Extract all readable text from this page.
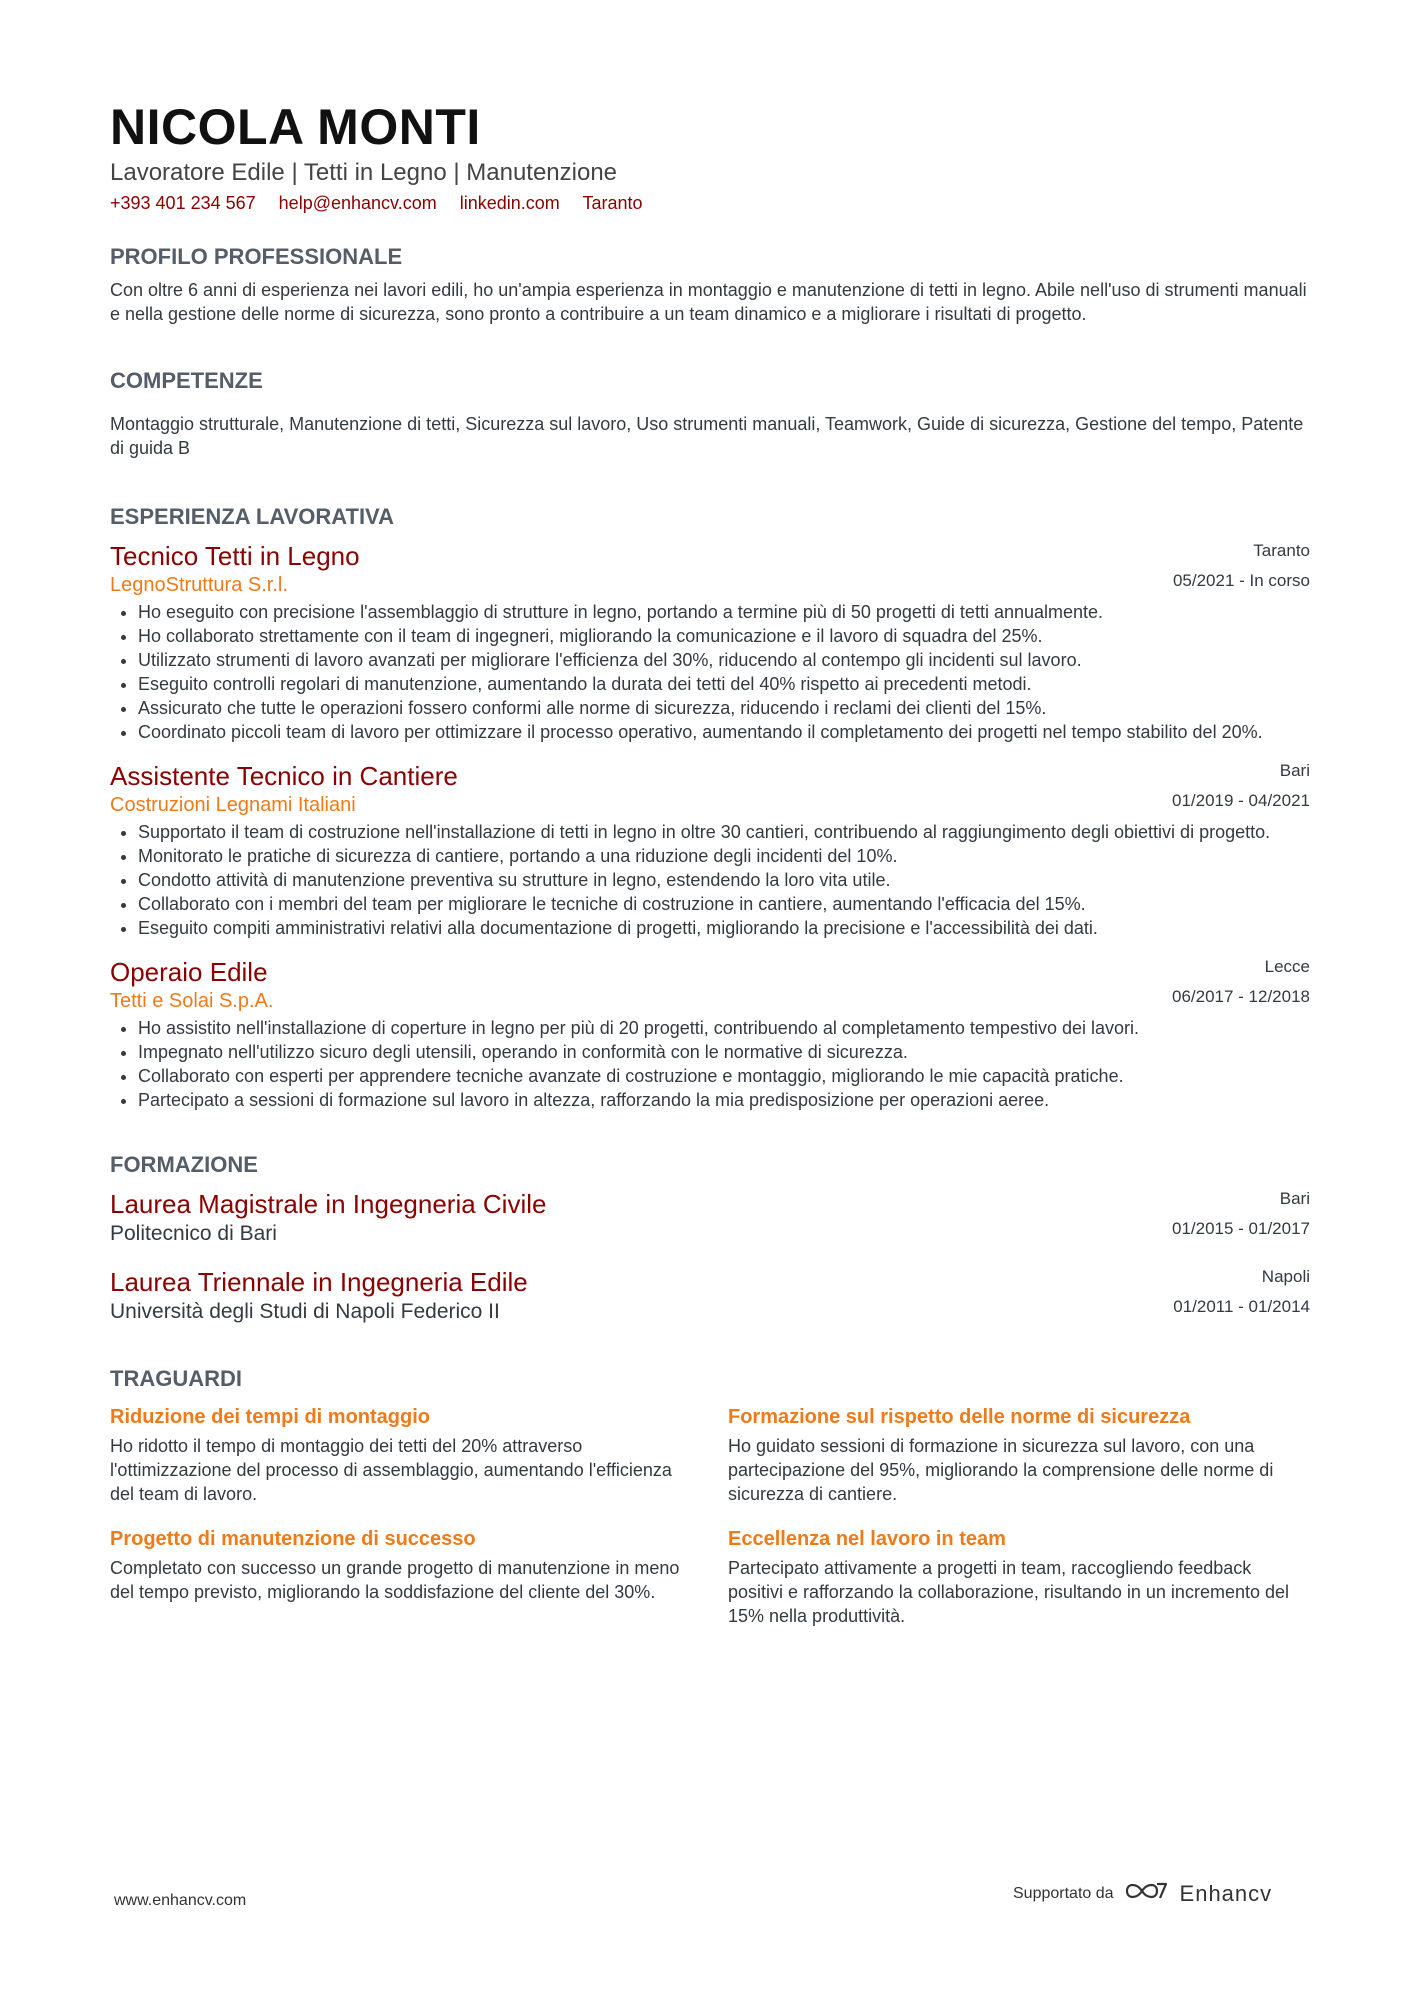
NICOLA MONTI
Lavoratore Edile | Tetti in Legno | Manutenzione
+393 401 234 567 help@enhancv.com linkedin.com Taranto
PROFILO PROFESSIONALE
Con oltre 6 anni di esperienza nei lavori edili, ho un'ampia esperienza in montaggio e manutenzione di tetti in legno. Abile nell'uso di strumenti manuali e nella gestione delle norme di sicurezza, sono pronto a contribuire a un team dinamico e a migliorare i risultati di progetto.
COMPETENZE
Montaggio strutturale, Manutenzione di tetti, Sicurezza sul lavoro, Uso strumenti manuali, Teamwork, Guide di sicurezza, Gestione del tempo, Patente di guida B
ESPERIENZA LAVORATIVA
Taranto
05/2021 - In corso
Tecnico Tetti in Legno
LegnoStruttura S.r.l.
• Ho eseguito con precisione l'assemblaggio di strutture in legno, portando a termine più di 50 progetti di tetti annualmente.
• Ho collaborato strettamente con il team di ingegneri, migliorando la comunicazione e il lavoro di squadra del 25%.
• Utilizzato strumenti di lavoro avanzati per migliorare l'efficienza del 30%, riducendo al contempo gli incidenti sul lavoro.
• Eseguito controlli regolari di manutenzione, aumentando la durata dei tetti del 40% rispetto ai precedenti metodi.
• Assicurato che tutte le operazioni fossero conformi alle norme di sicurezza, riducendo i reclami dei clienti del 15%.
• Coordinato piccoli team di lavoro per ottimizzare il processo operativo, aumentando il completamento dei progetti nel tempo stabilito del 20%.
Bari
01/2019 - 04/2021
Assistente Tecnico in Cantiere
Costruzioni Legnami Italiani
• Supportato il team di costruzione nell'installazione di tetti in legno in oltre 30 cantieri, contribuendo al raggiungimento degli obiettivi di progetto.
• Monitorato le pratiche di sicurezza di cantiere, portando a una riduzione degli incidenti del 10%.
• Condotto attività di manutenzione preventiva su strutture in legno, estendendo la loro vita utile.
• Collaborato con i membri del team per migliorare le tecniche di costruzione in cantiere, aumentando l'efficacia del 15%.
• Eseguito compiti amministrativi relativi alla documentazione di progetti, migliorando la precisione e l'accessibilità dei dati.
Lecce
06/2017 - 12/2018
Operaio Edile
Tetti e Solai S.p.A.
• Ho assistito nell'installazione di coperture in legno per più di 20 progetti, contribuendo al completamento tempestivo dei lavori.
• Impegnato nell'utilizzo sicuro degli utensili, operando in conformità con le normative di sicurezza.
• Collaborato con esperti per apprendere tecniche avanzate di costruzione e montaggio, migliorando le mie capacità pratiche.
• Partecipato a sessioni di formazione sul lavoro in altezza, rafforzando la mia predisposizione per operazioni aeree.
FORMAZIONE
Bari
01/2015 - 01/2017
Laurea Magistrale in Ingegneria Civile
Politecnico di Bari
Napoli
01/2011 - 01/2014
Laurea Triennale in Ingegneria Edile
Università degli Studi di Napoli Federico II
TRAGUARDI
Riduzione dei tempi di montaggio
Ho ridotto il tempo di montaggio dei tetti del 20% attraverso l'ottimizzazione del processo di assemblaggio, aumentando l'efficienza del team di lavoro.
Formazione sul rispetto delle norme di sicurezza
Ho guidato sessioni di formazione in sicurezza sul lavoro, con una partecipazione del 95%, migliorando la comprensione delle norme di sicurezza di cantiere.
Progetto di manutenzione di successo
Completato con successo un grande progetto di manutenzione in meno del tempo previsto, migliorando la soddisfazione del cliente del 30%.
Eccellenza nel lavoro in team
Partecipato attivamente a progetti in team, raccogliendo feedback positivi e rafforzando la collaborazione, risultando in un incremento del 15% nella produttività.
www.enhancv.com	Supportato da	Enhancv
